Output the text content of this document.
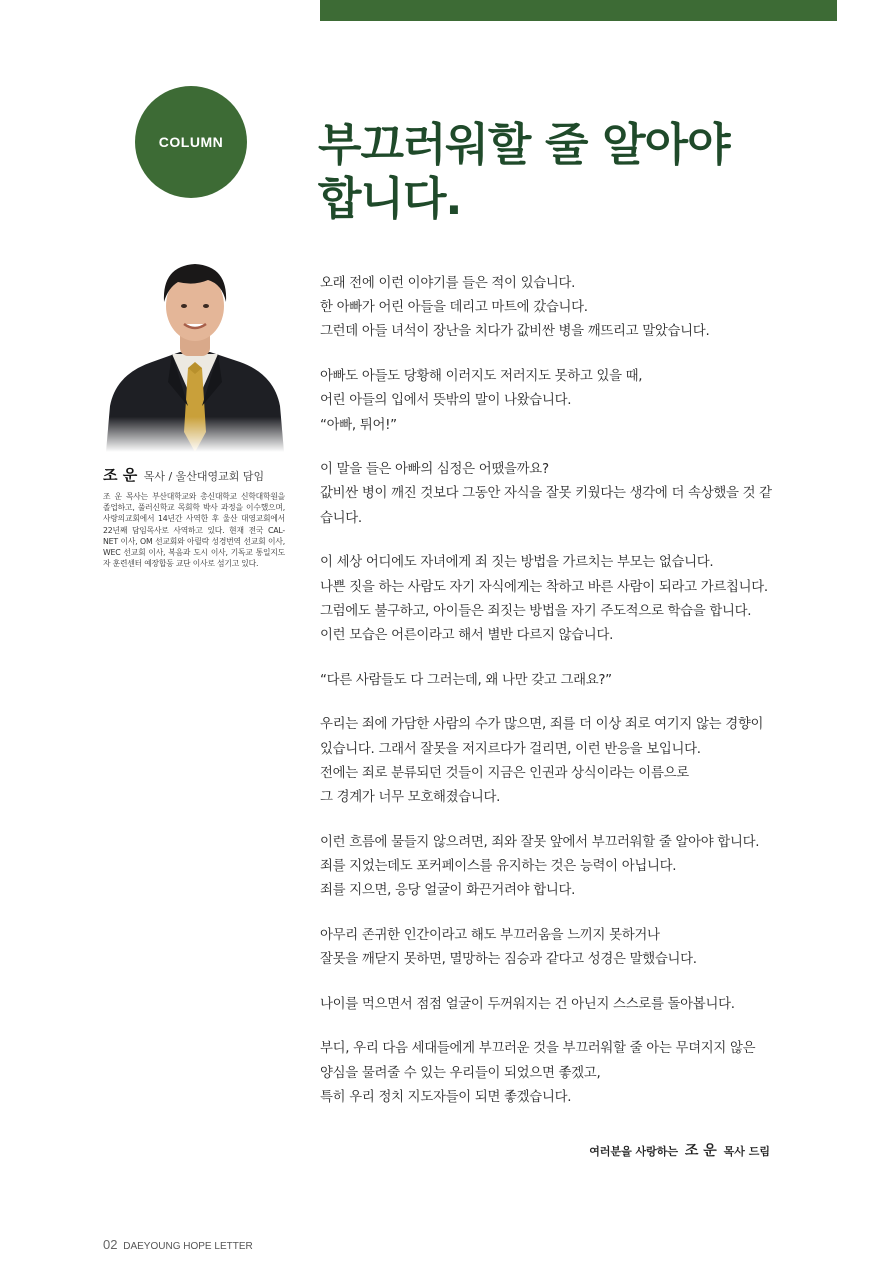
COLUMN 부끄러워할 줄 알아야
합니다.
조 운 목사 / 울산대영교회 담임

조 운 목사는 부산대학교와 총신대학교 신학대학원을 졸업하고, 풀러신학교 목회학 박사 과정을 이수했으며, 사랑의교회에서 14년간 사역한 후 울산 대영교회에서 22년째 담임목사로 사역하고 있다. 현재 전국 CAL-NET 이사, OM 선교회와 아릴락 성경번역 선교회 이사, WEC 선교회 이사, 복음과 도시 이사, 기독교 통일지도자 훈련센터 예장합동 교단 이사로 섬기고 있다.

오래 전에 이런 이야기를 들은 적이 있습니다.
한 아빠가 어린 아들을 데리고 마트에 갔습니다.
그런데 아들 녀석이 장난을 치다가 값비싼 병을 깨뜨리고 말았습니다.
아빠도 아들도 당황해 이러지도 저러지도 못하고 있을 때,
어린 아들의 입에서 뜻밖의 말이 나왔습니다.
“아빠, 튀어!”
이 말을 들은 아빠의 심정은 어땠을까요?
값비싼 병이 깨진 것보다 그동안 자식을 잘못 키웠다는 생각에 더 속상했을 것 같
습니다.
이 세상 어디에도 자녀에게 죄 짓는 방법을 가르치는 부모는 없습니다.
나쁜 짓을 하는 사람도 자기 자식에게는 착하고 바른 사람이 되라고 가르칩니다.
그럼에도 불구하고, 아이들은 죄짓는 방법을 자기 주도적으로 학습을 합니다.
이런 모습은 어른이라고 해서 별반 다르지 않습니다.
“다른 사람들도 다 그러는데, 왜 나만 갖고 그래요?”
우리는 죄에 가담한 사람의 수가 많으면, 죄를 더 이상 죄로 여기지 않는 경향이
있습니다. 그래서 잘못을 저지르다가 걸리면, 이런 반응을 보입니다.
전에는 죄로 분류되던 것들이 지금은 인권과 상식이라는 이름으로
그 경계가 너무 모호해졌습니다.
이런 흐름에 물들지 않으려면, 죄와 잘못 앞에서 부끄러워할 줄 알아야 합니다.
죄를 지었는데도 포커페이스를 유지하는 것은 능력이 아닙니다.
죄를 지으면, 응당 얼굴이 화끈거려야 합니다.
아무리 존귀한 인간이라고 해도 부끄러움을 느끼지 못하거나
잘못을 깨닫지 못하면, 멸망하는 짐승과 같다고 성경은 말했습니다.
나이를 먹으면서 점점 얼굴이 두꺼워지는 건 아닌지 스스로를 돌아봅니다.
부디, 우리 다음 세대들에게 부끄러운 것을 부끄러워할 줄 아는 무뎌지지 않은
양심을 물려줄 수 있는 우리들이 되었으면 좋겠고,
특히 우리 정치 지도자들이 되면 좋겠습니다.
여러분을 사랑하는 조 운 목사 드림
02 DAEYOUNG HOPE LETTER
